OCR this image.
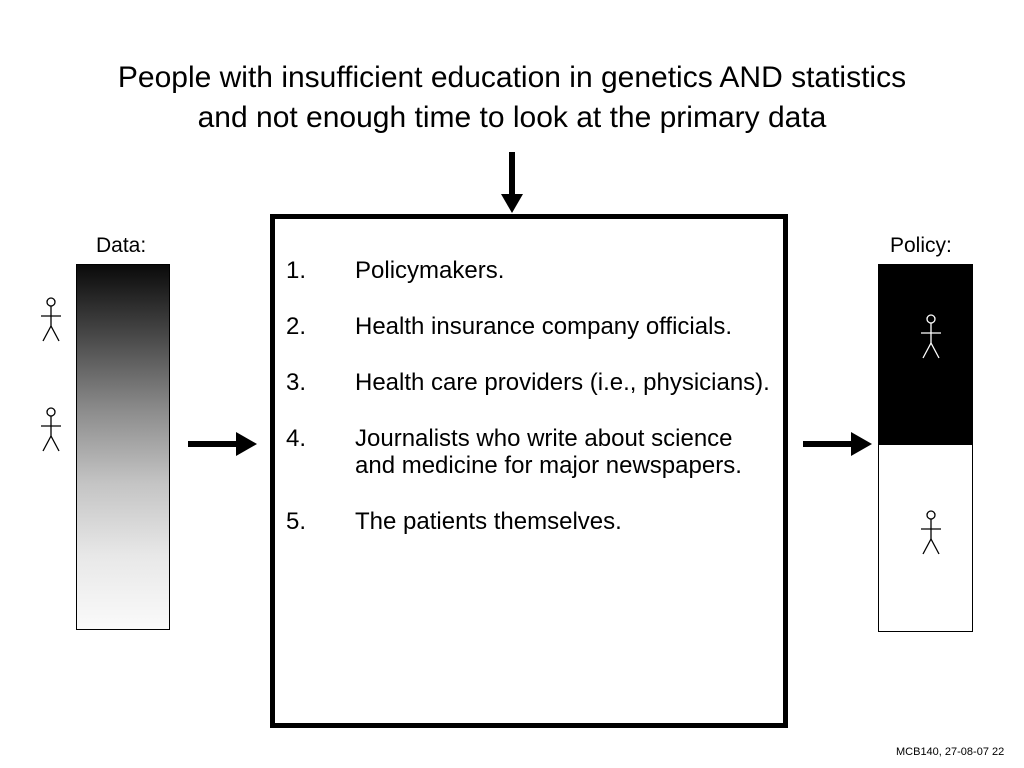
People with insufficient education in genetics AND statistics
and not enough time to look at the primary data
Data:	Policy:
1.	Policymakers.
2.	Health insurance company officials.
3.	Health care providers (i.e., physicians).
4.	Journalists who write about science and medicine for major newspapers.
5.	The patients themselves.
MCB140, 27-08-07 22
